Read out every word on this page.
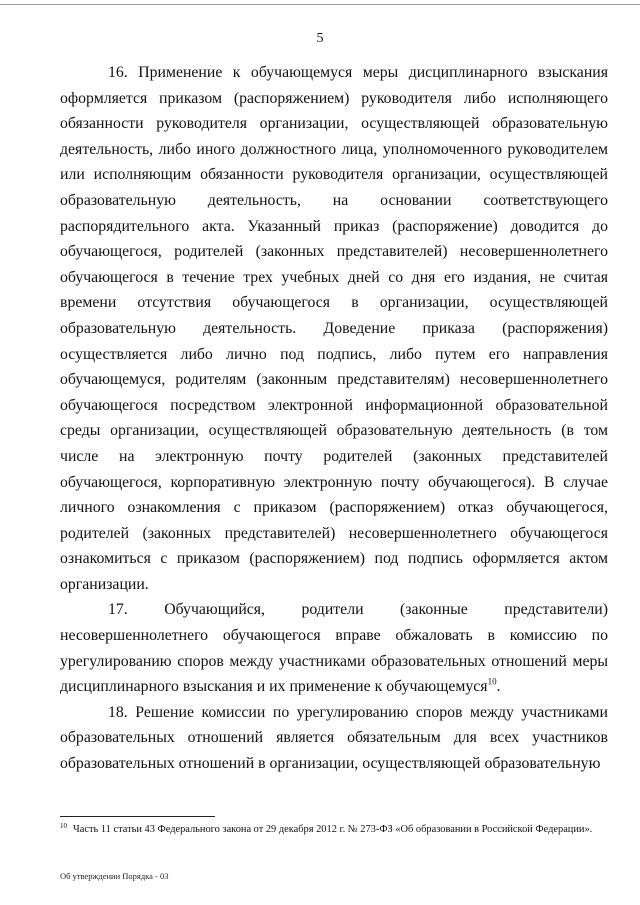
5

16. Применение к обучающемуся меры дисциплинарного взыскания оформляется приказом (распоряжением) руководителя либо исполняющего обязанности руководителя организации, осуществляющей образовательную деятельность, либо иного должностного лица, уполномоченного руководителем или исполняющим обязанности руководителя организации, осуществляющей образовательную деятельность, на основании соответствующего распорядительного акта. Указанный приказ (распоряжение) доводится до обучающегося, родителей (законных представителей) несовершеннолетнего обучающегося в течение трех учебных дней со дня его издания, не считая времени отсутствия обучающегося в организации, осуществляющей образовательную деятельность. Доведение приказа (распоряжения) осуществляется либо лично под подпись, либо путем его направления обучающемуся, родителям (законным представителям) несовершеннолетнего обучающегося посредством электронной информационной образовательной среды организации, осуществляющей образовательную деятельность (в том числе на электронную почту родителей (законных представителей обучающегося, корпоративную электронную почту обучающегося). В случае личного ознакомления с приказом (распоряжением) отказ обучающегося, родителей (законных представителей) несовершеннолетнего обучающегося ознакомиться с приказом (распоряжением) под подпись оформляется актом организации.

17. Обучающийся, родители (законные представители) несовершеннолетнего обучающегося вправе обжаловать в комиссию по урегулированию споров между участниками образовательных отношений меры дисциплинарного взыскания и их применение к обучающемуся$^{10}$.

18. Решение комиссии по урегулированию споров между участниками образовательных отношений является обязательным для всех участников образовательных отношений в организации, осуществляющей образовательную

$^{10}$ Часть 11 статьи 43 Федерального закона от 29 декабря 2012 г. № 273-ФЗ «Об образовании в Российской Федерации».
Об утверждении Порядка - 03
